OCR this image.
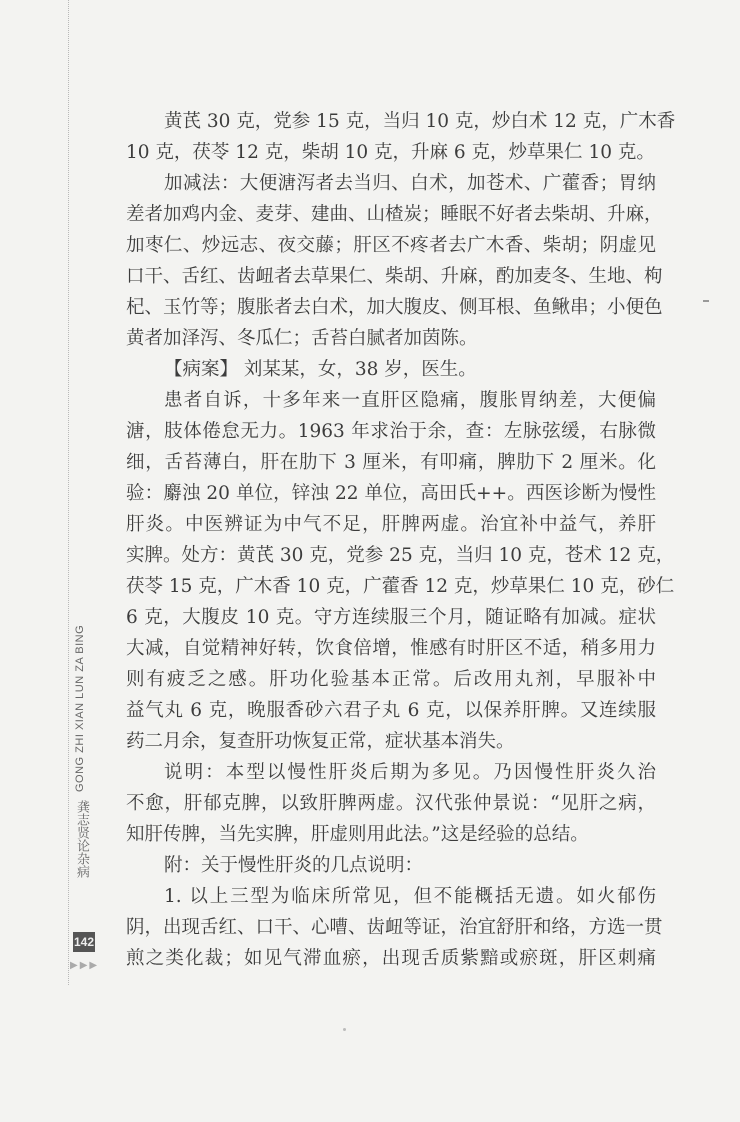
GONG ZHI XIAN LUN ZA BING
龚志贤论杂病
142
▶▶▶
黄芪 30 克，党参 15 克，当归 10 克，炒白术 12 克，广木香
10 克，茯苓 12 克，柴胡 10 克，升麻 6 克，炒草果仁 10 克。
加减法：大便溏泻者去当归、白术，加苍术、广藿香；胃纳
差者加鸡内金、麦芽、建曲、山楂炭；睡眠不好者去柴胡、升麻，
加枣仁、炒远志、夜交藤；肝区不疼者去广木香、柴胡；阴虚见
口干、舌红、齿衄者去草果仁、柴胡、升麻，酌加麦冬、生地、枸
杞、玉竹等；腹胀者去白术，加大腹皮、侧耳根、鱼鳅串；小便色
黄者加泽泻、冬瓜仁；舌苔白腻者加茵陈。
【病案】 刘某某，女，38 岁，医生。
患者自诉，十多年来一直肝区隐痛，腹胀胃纳差，大便偏
溏，肢体倦怠无力。1963 年求治于余，查：左脉弦缓，右脉微
细，舌苔薄白，肝在肋下 3 厘米，有叩痛，脾肋下 2 厘米。化
验：麝浊 20 单位，锌浊 22 单位，高田氏++。西医诊断为慢性
肝炎。中医辨证为中气不足，肝脾两虚。治宜补中益气，养肝
实脾。处方：黄芪 30 克，党参 25 克，当归 10 克，苍术 12 克，
茯苓 15 克，广木香 10 克，广藿香 12 克，炒草果仁 10 克，砂仁
6 克，大腹皮 10 克。守方连续服三个月，随证略有加减。症状
大减，自觉精神好转，饮食倍增，惟感有时肝区不适，稍多用力
则有疲乏之感。肝功化验基本正常。后改用丸剂，早服补中
益气丸 6 克，晚服香砂六君子丸 6 克，以保养肝脾。又连续服
药二月余，复查肝功恢复正常，症状基本消失。
说明：本型以慢性肝炎后期为多见。乃因慢性肝炎久治
不愈，肝郁克脾，以致肝脾两虚。汉代张仲景说：“见肝之病，
知肝传脾，当先实脾，肝虚则用此法。”这是经验的总结。
附：关于慢性肝炎的几点说明：
1. 以上三型为临床所常见，但不能概括无遗。如火郁伤
阴，出现舌红、口干、心嘈、齿衄等证，治宜舒肝和络，方选一贯
煎之类化裁；如见气滞血瘀，出现舌质紫黯或瘀斑，肝区刺痛
